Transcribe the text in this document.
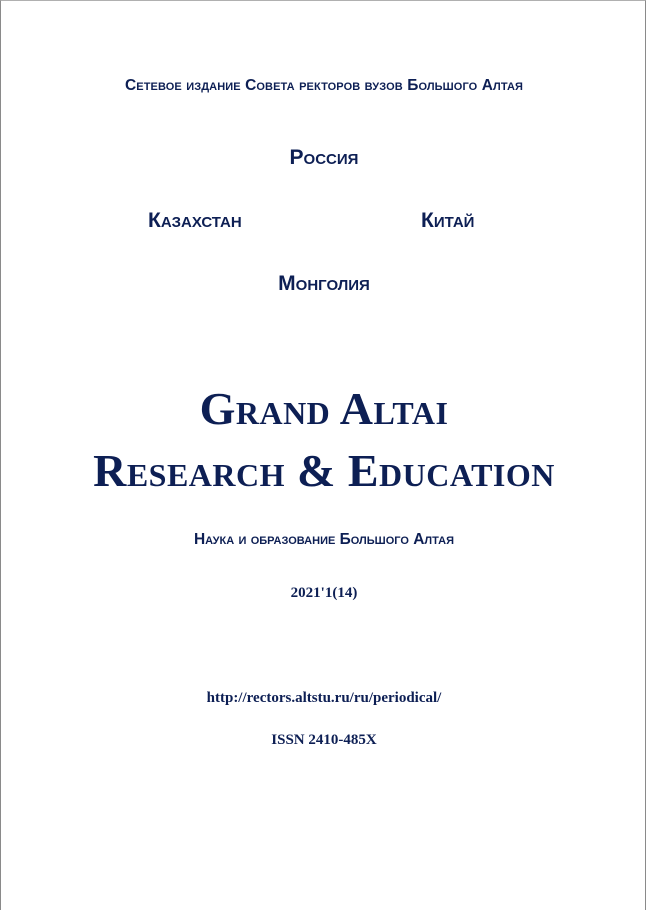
Сетевое издание Совета ректоров вузов Большого Алтая
Россия
Казахстан	Китай
Монголия
Grand Altai
Research & Education
Наука и образование Большого Алтая
2021'1(14)
http://rectors.altstu.ru/ru/periodical/
ISSN 2410-485X
